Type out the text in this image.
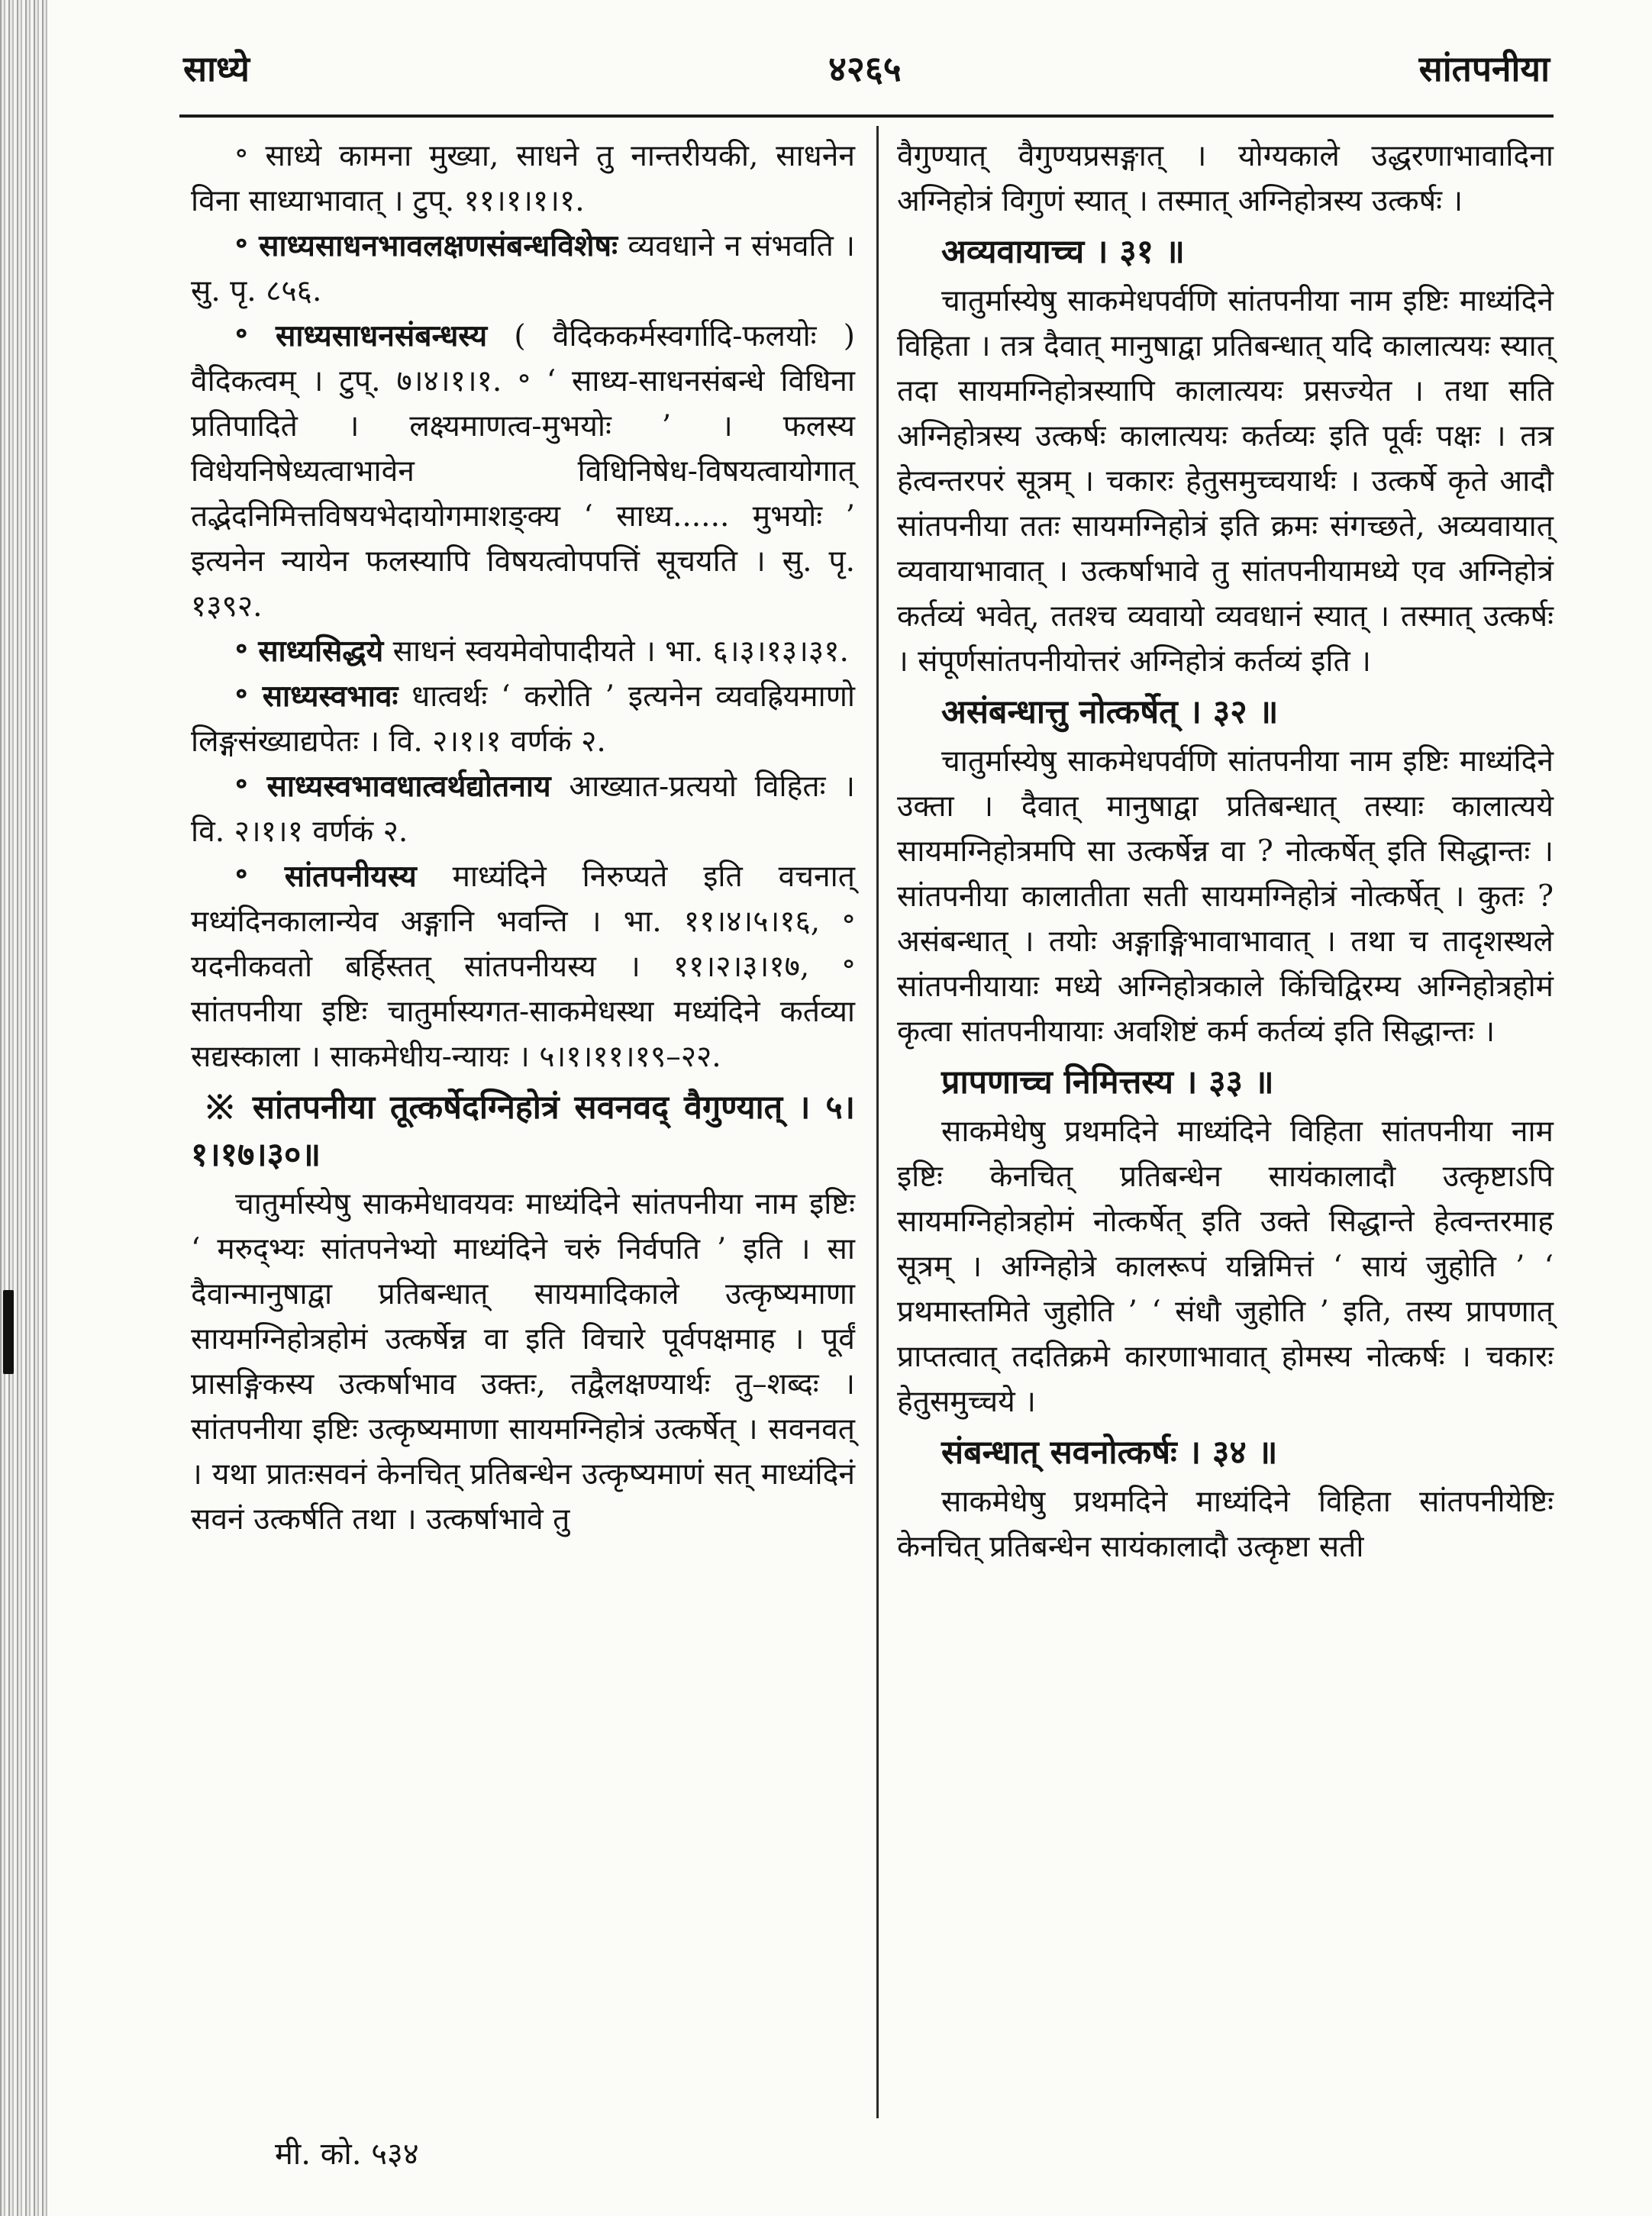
साध्ये	४२६५	सांतपनीया

॰ साध्ये कामना मुख्या, साधने तु नान्तरीयकी, साधनेन विना साध्याभावात् । टुप्. ११।१।१।१.

॰ साध्यसाधनभावलक्षणसंबन्धविशेषः व्यवधाने न संभवति । सु. पृ. ८५६.

॰ साध्यसाधनसंबन्धस्य ( वैदिककर्मस्वर्गादि-फलयोः ) वैदिकत्वम् । टुप्. ७।४।१।१. ॰ ‘ साध्य-साधनसंबन्धे विधिना प्रतिपादिते । लक्ष्यमाणत्व-मुभयोः ’ । फलस्य विधेयनिषेध्यत्वाभावेन विधिनिषेध-विषयत्वायोगात् तद्भेदनिमित्तविषयभेदायोगमाशङ्क्य ‘ साध्य...... मुभयोः ’ इत्यनेन न्यायेन फलस्यापि विषयत्वोपपत्तिं सूचयति । सु. पृ. १३९२.

॰ साध्यसिद्धये साधनं स्वयमेवोपादीयते । भा. ६।३।१३।३१.

॰ साध्यस्वभावः धात्वर्थः ‘ करोति ’ इत्यनेन व्यवह्रियमाणो लिङ्गसंख्याद्यपेतः । वि. २।१।१ वर्णकं २.

॰ साध्यस्वभावधात्वर्थद्योतनाय आख्यात-प्रत्ययो विहितः । वि. २।१।१ वर्णकं २.

॰ सांतपनीयस्य माध्यंदिने निरुप्यते इति वचनात् मध्यंदिनकालान्येव अङ्गानि भवन्ति । भा. ११।४।५।१६, ॰ यदनीकवतो बर्हिस्तत् सांतपनीयस्य । ११।२।३।१७, ॰ सांतपनीया इष्टिः चातुर्मास्यगत-साकमेधस्था मध्यंदिने कर्तव्या सद्यस्काला । साकमेधीय-न्यायः । ५।१।११।१९–२२.

※ सांतपनीया तूत्कर्षेदग्निहोत्रं सवनवद् वैगुण्यात् । ५।१।१७।३०॥

चातुर्मास्येषु साकमेधावयवः माध्यंदिने सांतपनीया नाम इष्टिः ‘ मरुद्भ्यः सांतपनेभ्यो माध्यंदिने चरुं निर्वपति ’ इति । सा दैवान्मानुषाद्वा प्रतिबन्धात् सायमादिकाले उत्कृष्यमाणा सायमग्निहोत्रहोमं उत्कर्षेन्न वा इति विचारे पूर्वपक्षमाह । पूर्वं प्रासङ्गिकस्य उत्कर्षाभाव उक्तः, तद्वैलक्षण्यार्थः तु–शब्दः । सांतपनीया इष्टिः उत्कृष्यमाणा सायमग्निहोत्रं उत्कर्षेत् । सवनवत् । यथा प्रातःसवनं केनचित् प्रतिबन्धेन उत्कृष्यमाणं सत् माध्यंदिनं सवनं उत्कर्षति तथा । उत्कर्षाभावे तु

वैगुण्यात् वैगुण्यप्रसङ्गात् । योग्यकाले उद्धरणाभावादिना अग्निहोत्रं विगुणं स्यात् । तस्मात् अग्निहोत्रस्य उत्कर्षः ।

अव्यवायाच्च । ३१ ॥

चातुर्मास्येषु साकमेधपर्वणि सांतपनीया नाम इष्टिः माध्यंदिने विहिता । तत्र दैवात् मानुषाद्वा प्रतिबन्धात् यदि कालात्ययः स्यात् तदा सायमग्निहोत्रस्यापि कालात्ययः प्रसज्येत । तथा सति अग्निहोत्रस्य उत्कर्षः कालात्ययः कर्तव्यः इति पूर्वः पक्षः । तत्र हेत्वन्तरपरं सूत्रम् । चकारः हेतुसमुच्चयार्थः । उत्कर्षे कृते आदौ सांतपनीया ततः सायमग्निहोत्रं इति क्रमः संगच्छते, अव्यवायात् व्यवायाभावात् । उत्कर्षाभावे तु सांतपनीयामध्ये एव अग्निहोत्रं कर्तव्यं भवेत्, ततश्च व्यवायो व्यवधानं स्यात् । तस्मात् उत्कर्षः । संपूर्णसांतपनीयोत्तरं अग्निहोत्रं कर्तव्यं इति ।

असंबन्धात्तु नोत्कर्षेत् । ३२ ॥

चातुर्मास्येषु साकमेधपर्वणि सांतपनीया नाम इष्टिः माध्यंदिने उक्ता । दैवात् मानुषाद्वा प्रतिबन्धात् तस्याः कालात्यये सायमग्निहोत्रमपि सा उत्कर्षेन्न वा ? नोत्कर्षेत् इति सिद्धान्तः । सांतपनीया कालातीता सती सायमग्निहोत्रं नोत्कर्षेत् । कुतः ? असंबन्धात् । तयोः अङ्गाङ्गिभावाभावात् । तथा च तादृशस्थले सांतपनीयायाः मध्ये अग्निहोत्रकाले किंचिद्विरम्य अग्निहोत्रहोमं कृत्वा सांतपनीयायाः अवशिष्टं कर्म कर्तव्यं इति सिद्धान्तः ।

प्रापणाच्च निमित्तस्य । ३३ ॥

साकमेधेषु प्रथमदिने माध्यंदिने विहिता सांतपनीया नाम इष्टिः केनचित् प्रतिबन्धेन सायंकालादौ उत्कृष्टाऽपि सायमग्निहोत्रहोमं नोत्कर्षेत् इति उक्ते सिद्धान्ते हेत्वन्तरमाह सूत्रम् । अग्निहोत्रे कालरूपं यन्निमित्तं ‘ सायं जुहोति ’ ‘ प्रथमास्तमिते जुहोति ’ ‘ संधौ जुहोति ’ इति, तस्य प्रापणात् प्राप्तत्वात् तदतिक्रमे कारणाभावात् होमस्य नोत्कर्षः । चकारः हेतुसमुच्चये ।

संबन्धात् सवनोत्कर्षः । ३४ ॥

साकमेधेषु प्रथमदिने माध्यंदिने विहिता सांतपनीयेष्टिः केनचित् प्रतिबन्धेन सायंकालादौ उत्कृष्टा सती

मी. को. ५३४
